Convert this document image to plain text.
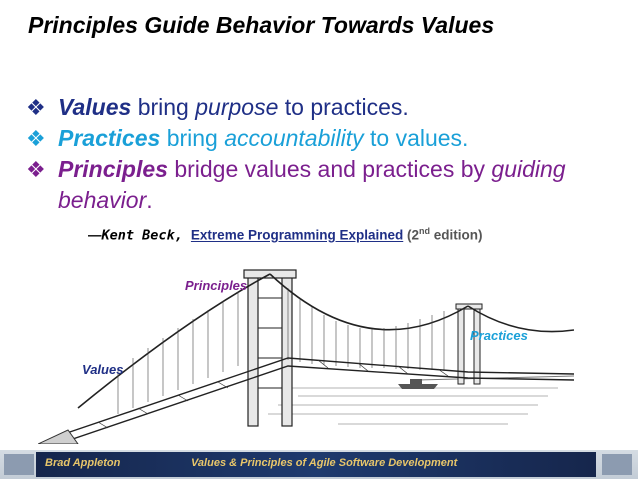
Principles Guide Behavior Towards Values
❖ Values bring purpose to practices.
❖ Practices bring accountability to values.
❖ Principles bridge values and practices by guiding behavior.
—Kent Beck, Extreme Programming Explained (2nd edition)
Principles
Practices
Values
Brad Appleton	Values & Principles of Agile Software Development
